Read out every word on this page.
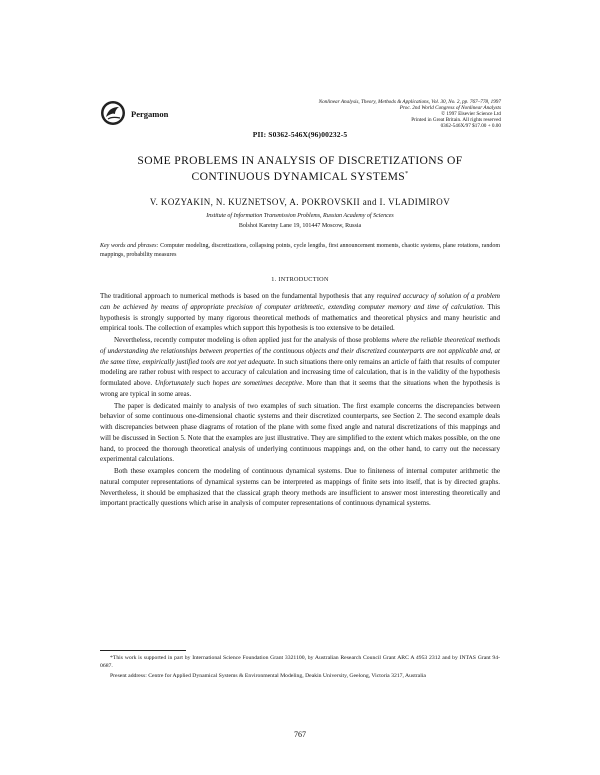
Pergamon
Nonlinear Analysis, Theory, Methods & Applications, Vol. 30, No. 2, pp. 767–778, 1997
Proc. 2nd World Congress of Nonlinear Analysts
© 1997 Elsevier Science Ltd
Printed in Great Britain. All rights reserved
0362-546X/97 $17.00 + 0.00
PII: S0362-546X(96)00232-5
SOME PROBLEMS IN ANALYSIS OF DISCRETIZATIONS OF
CONTINUOUS DYNAMICAL SYSTEMS*
V. KOZYAKIN, N. KUZNETSOV, A. POKROVSKII and I. VLADIMIROV
Institute of Information Transmission Problems, Russian Academy of Sciences
Bolshoi Karetny Lane 19, 101447 Moscow, Russia
Key words and phrases: Computer modeling, discretizations, collapsing points, cycle lengths, first announcement moments, chaotic systems, plane rotations, random mappings, probability measures
1. INTRODUCTION

The traditional approach to numerical methods is based on the fundamental hypothesis that any required accuracy of solution of a problem can be achieved by means of appropriate precision of computer arithmetic, extending computer memory and time of calculation. This hypothesis is strongly supported by many rigorous theoretical methods of mathematics and theoretical physics and many heuristic and empirical tools. The collection of examples which support this hypothesis is too extensive to be detailed.

Nevertheless, recently computer modeling is often applied just for the analysis of those problems where the reliable theoretical methods of understanding the relationships between properties of the continuous objects and their discretized counterparts are not applicable and, at the same time, empirically justified tools are not yet adequate. In such situations there only remains an article of faith that results of computer modeling are rather robust with respect to accuracy of calculation and increasing time of calculation, that is in the validity of the hypothesis formulated above. Unfortunately such hopes are sometimes deceptive. More than that it seems that the situations when the hypothesis is wrong are typical in some areas.

The paper is dedicated mainly to analysis of two examples of such situation. The first example concerns the discrepancies between behavior of some continuous one-dimensional chaotic systems and their discretized counterparts, see Section 2. The second example deals with discrepancies between phase diagrams of rotation of the plane with some fixed angle and natural discretizations of this mappings and will be discussed in Section 5. Note that the examples are just illustrative. They are simplified to the extent which makes possible, on the one hand, to proceed the thorough theoretical analysis of underlying continuous mappings and, on the other hand, to carry out the necessary experimental calculations.

Both these examples concern the modeling of continuous dynamical systems. Due to finiteness of internal computer arithmetic the natural computer representations of dynamical systems can be interpreted as mappings of finite sets into itself, that is by directed graphs. Nevertheless, it should be emphasized that the classical graph theory methods are insufficient to answer most interesting theoretically and important practically questions which arise in analysis of computer representations of continuous dynamical systems.

*This work is supported in part by International Science Foundation Grant 3321100, by Australian Research Council Grant ARC A 4953 2312 and by INTAS Grant 94-0687.

Present address: Centre for Applied Dynamical Systems & Environmental Modeling, Deakin University, Geelong, Victoria 3217, Australia

767
